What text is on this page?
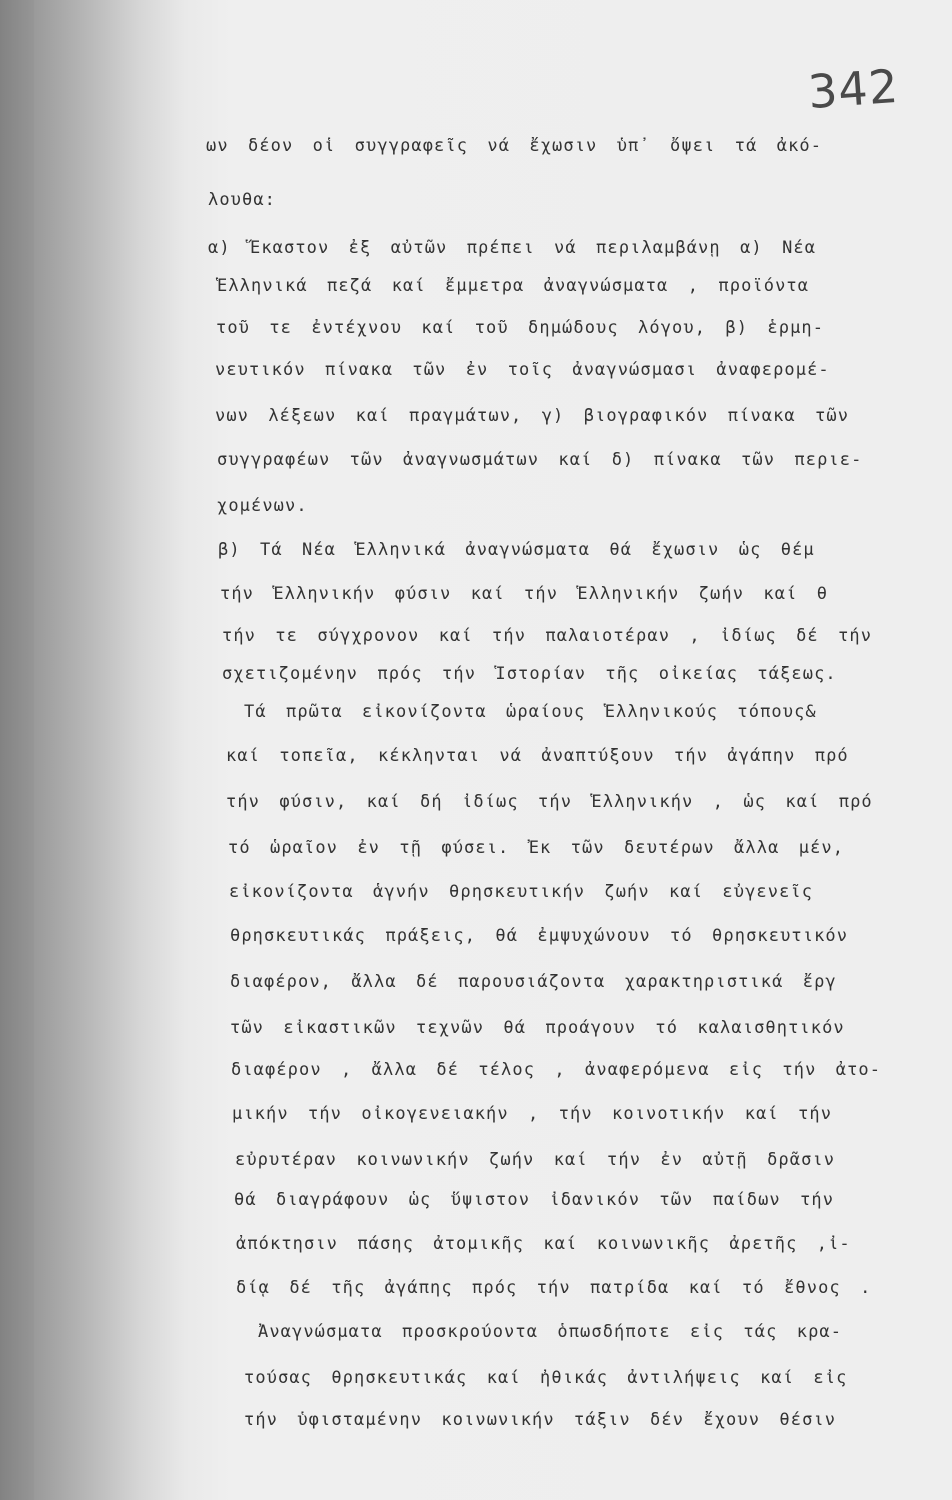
342
ων δέον οἱ συγγραφεῖς νά ἔχωσιν ὑπ᾽ ὄψει τά ἀκό-
λουθα:
α) Ἕκαστον ἐξ αὐτῶν πρέπει νά περιλαμβάνῃ α) Νέα
Ἑλληνικά πεζά καί ἔμμετρα ἀναγνώσματα , προϊόντα
τοῦ τε ἐντέχνου καί τοῦ δημώδους λόγου, β) ἑρμη-
νευτικόν πίνακα τῶν ἐν τοῖς ἀναγνώσμασι ἀναφερομέ-
νων λέξεων καί πραγμάτων, γ) βιογραφικόν πίνακα τῶν
συγγραφέων τῶν ἀναγνωσμάτων καί δ) πίνακα τῶν περιε-
χομένων.
β) Τά Νέα Ἑλληνικά ἀναγνώσματα θά ἔχωσιν ὡς θέμ
τήν Ἑλληνικήν φύσιν καί τήν Ἑλληνικήν ζωήν καί θ
τήν τε σύγχρονον καί τήν παλαιοτέραν , ἰδίως δέ τήν
σχετιζομένην πρός τήν Ἱστορίαν τῆς οἰκείας τάξεως.
Τά πρῶτα εἰκονίζοντα ὡραίους Ἑλληνικούς τόπους&
καί τοπεῖα, κέκληνται νά ἀναπτύξουν τήν ἀγάπην πρό
τήν φύσιν, καί δή ἰδίως τήν Ἑλληνικήν , ὡς καί πρό
τό ὡραῖον ἐν τῇ φύσει. Ἐκ τῶν δευτέρων ἄλλα μέν,
εἰκονίζοντα ἁγνήν θρησκευτικήν ζωήν καί εὐγενεῖς
θρησκευτικάς πράξεις, θά ἐμψυχώνουν τό θρησκευτικόν
διαφέρον, ἄλλα δέ παρουσιάζοντα χαρακτηριστικά ἔργ
τῶν εἰκαστικῶν τεχνῶν θά προάγουν τό καλαισθητικόν
διαφέρον , ἄλλα δέ τέλος , ἀναφερόμενα εἰς τήν ἀτο-
μικήν τήν οἰκογενειακήν , τήν κοινοτικήν καί τήν
εὐρυτέραν κοινωνικήν ζωήν καί τήν ἐν αὐτῇ δρᾶσιν
θά διαγράφουν ὡς ὕψιστον ἰδανικόν τῶν παίδων τήν
ἀπόκτησιν πάσης ἀτομικῆς καί κοινωνικῆς ἀρετῆς ,ἰ-
δίᾳ δέ τῆς ἀγάπης πρός τήν πατρίδα καί τό ἔθνος .
Ἀναγνώσματα προσκρούοντα ὁπωσδήποτε εἰς τάς κρα-
τούσας θρησκευτικάς καί ἠθικάς ἀντιλήψεις καί εἰς
τήν ὑφισταμένην κοινωνικήν τάξιν δέν ἔχουν θέσιν
